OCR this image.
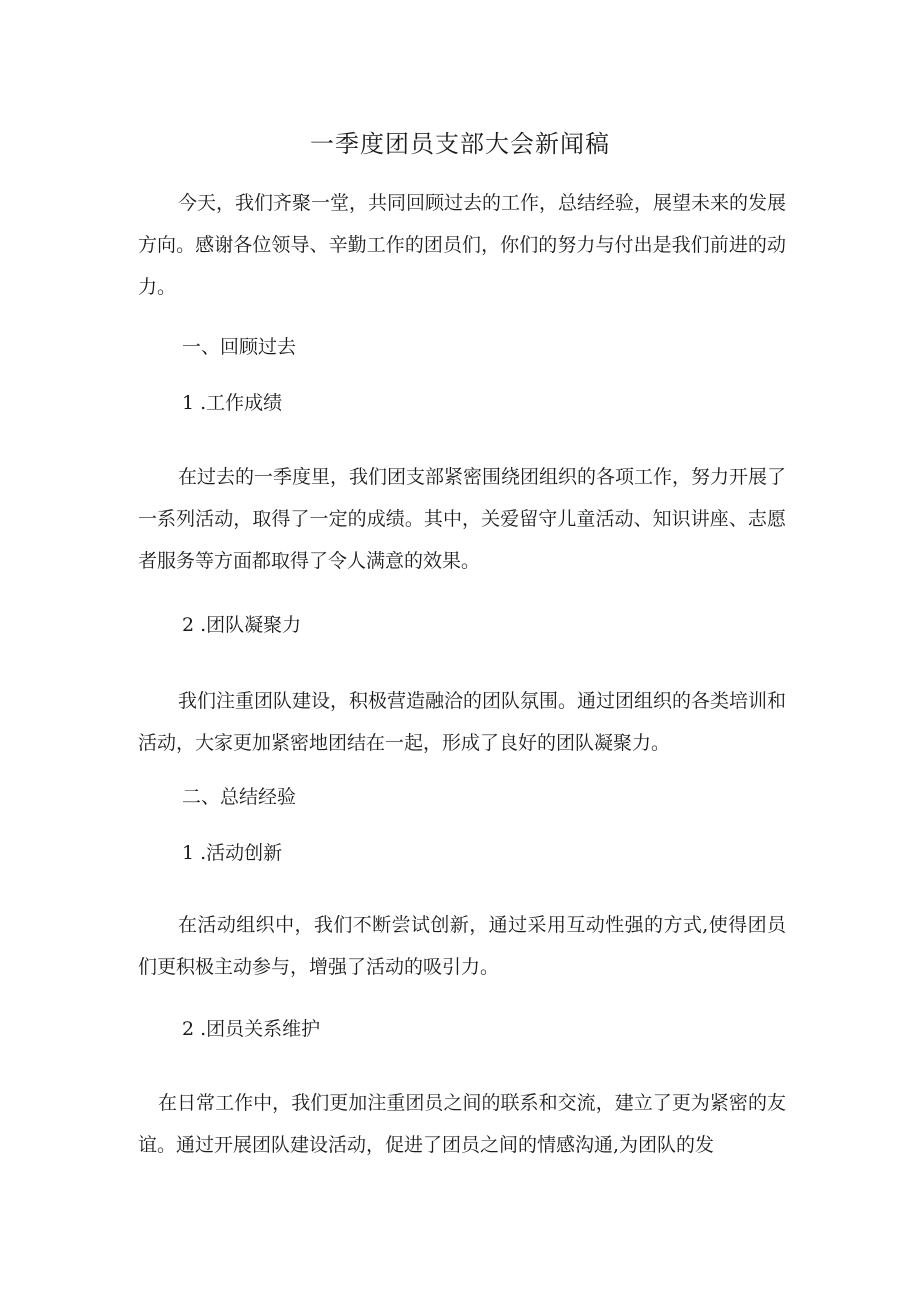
一季度团员支部大会新闻稿
今天，我们齐聚一堂，共同回顾过去的工作，总结经验，展望未来的发展方向。感谢各位领导、辛勤工作的团员们，你们的努力与付出是我们前进的动力。
一、回顾过去
1 .工作成绩
在过去的一季度里，我们团支部紧密围绕团组织的各项工作，努力开展了一系列活动，取得了一定的成绩。其中，关爱留守儿童活动、知识讲座、志愿者服务等方面都取得了令人满意的效果。
2 .团队凝聚力
我们注重团队建设，积极营造融洽的团队氛围。通过团组织的各类培训和活动，大家更加紧密地团结在一起，形成了良好的团队凝聚力。
二、总结经验
1 .活动创新
在活动组织中，我们不断尝试创新，通过采用互动性强的方式,使得团员们更积极主动参与，增强了活动的吸引力。
2 .团员关系维护
在日常工作中，我们更加注重团员之间的联系和交流，建立了更为紧密的友谊。通过开展团队建设活动，促进了团员之间的情感沟通,为团队的发
